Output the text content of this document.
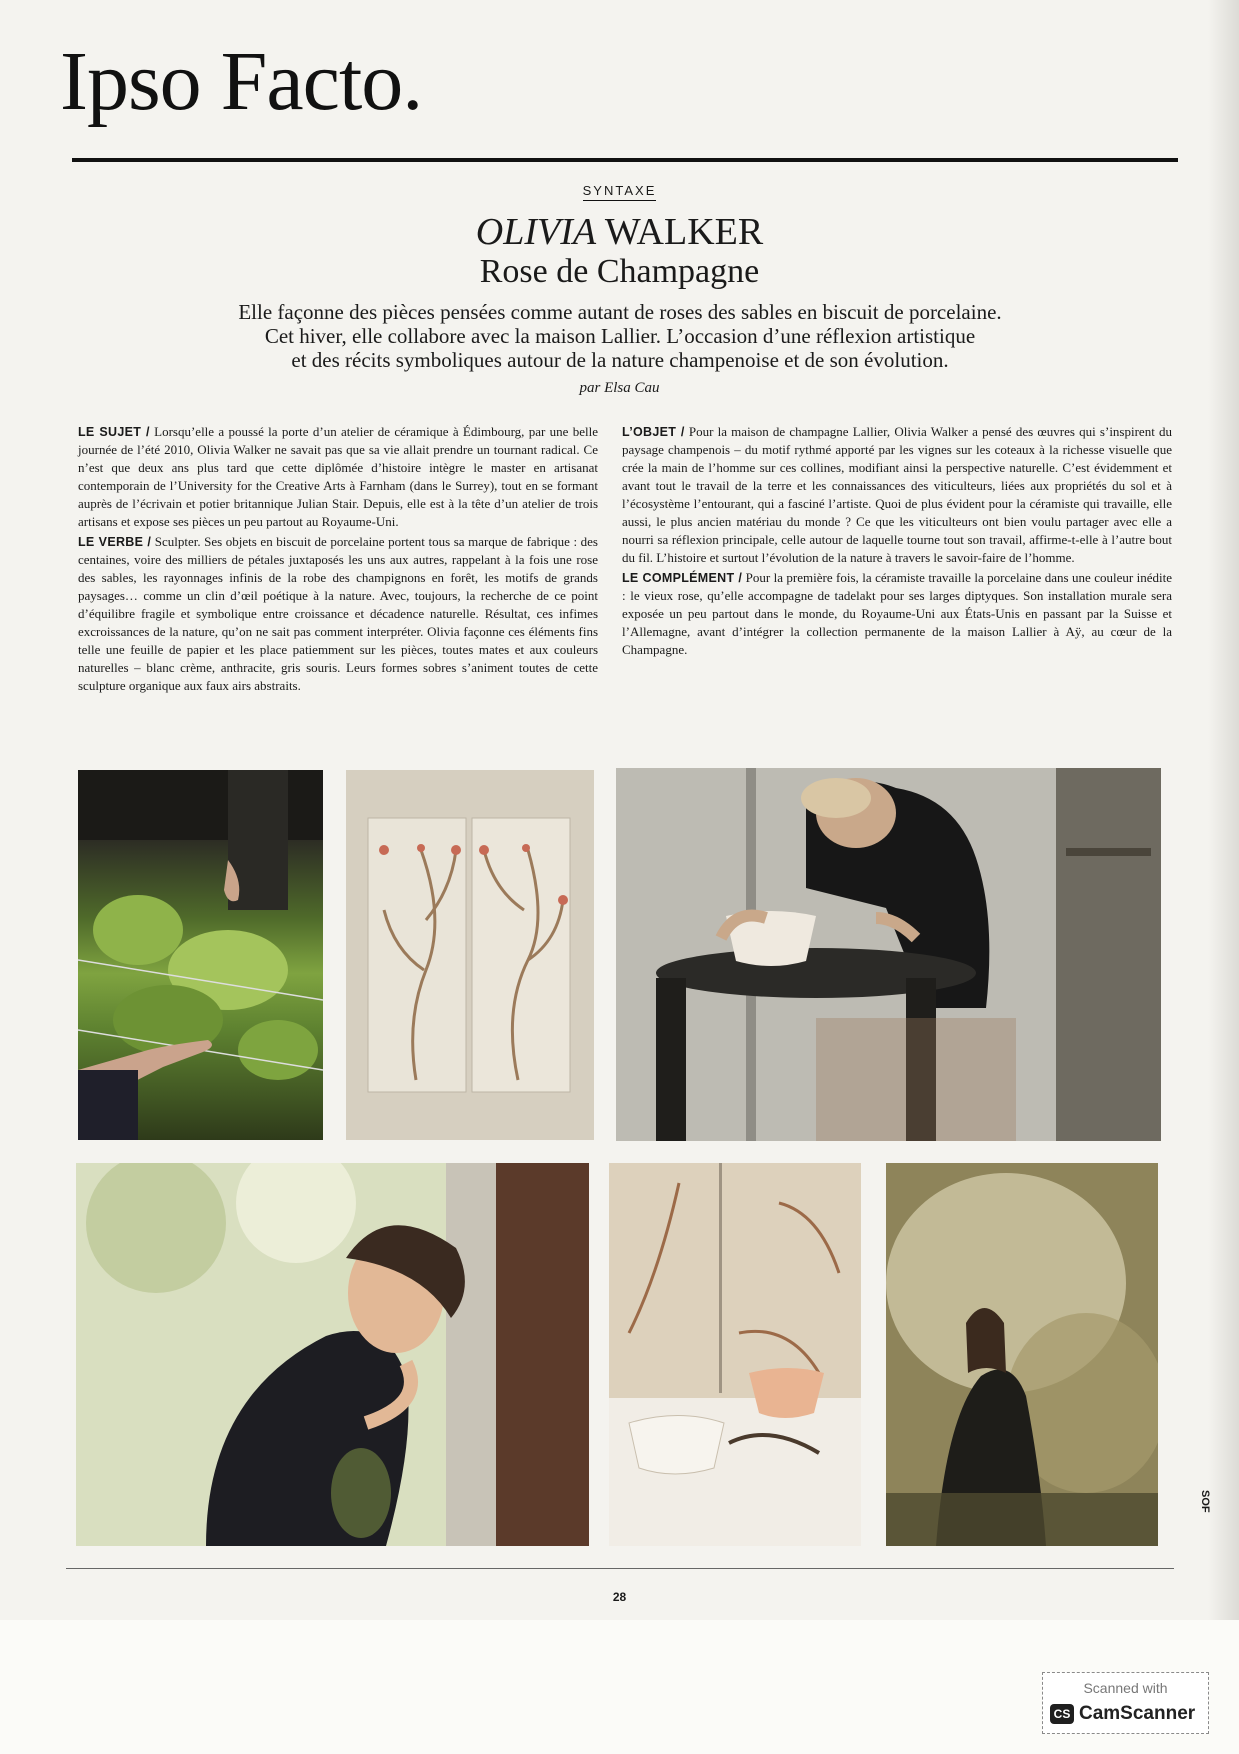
Ipso Facto.
SYNTAXE
OLIVIA WALKER
Rose de Champagne
Elle façonne des pièces pensées comme autant de roses des sables en biscuit de porcelaine.
Cet hiver, elle collabore avec la maison Lallier. L’occasion d’une réflexion artistique
et des récits symboliques autour de la nature champenoise et de son évolution.
par Elsa Cau

LE SUJET / Lorsqu’elle a poussé la porte d’un atelier de céramique à Édimbourg, par une belle journée de l’été 2010, Olivia Walker ne savait pas que sa vie allait prendre un tournant radical. Ce n’est que deux ans plus tard que cette diplômée d’histoire intègre le master en artisanat contemporain de l’University for the Creative Arts à Farnham (dans le Surrey), tout en se formant auprès de l’écrivain et potier britannique Julian Stair. Depuis, elle est à la tête d’un atelier de trois artisans et expose ses pièces un peu partout au Royaume-Uni.

LE VERBE / Sculpter. Ses objets en biscuit de porcelaine portent tous sa marque de fabrique : des centaines, voire des milliers de pétales juxtaposés les uns aux autres, rappelant à la fois une rose des sables, les rayonnages infinis de la robe des champignons en forêt, les motifs de grands paysages… comme un clin d’œil poétique à la nature. Avec, toujours, la recherche de ce point d’équilibre fragile et symbolique entre croissance et décadence naturelle. Résultat, ces infimes excroissances de la nature, qu’on ne sait pas comment interpréter. Olivia façonne ces éléments fins telle une feuille de papier et les place patiemment sur les pièces, toutes mates et aux couleurs naturelles – blanc crème, anthracite, gris souris. Leurs formes sobres s’animent toutes de cette sculpture organique aux faux airs abstraits.

L’OBJET / Pour la maison de champagne Lallier, Olivia Walker a pensé des œuvres qui s’inspirent du paysage champenois – du motif rythmé apporté par les vignes sur les coteaux à la richesse visuelle que crée la main de l’homme sur ces collines, modifiant ainsi la perspective naturelle. C’est évidemment et avant tout le travail de la terre et les connaissances des viticulteurs, liées aux propriétés du sol et à l’écosystème l’entourant, qui a fasciné l’artiste. Quoi de plus évident pour la céramiste qui travaille, elle aussi, le plus ancien matériau du monde ? Ce que les viticulteurs ont bien voulu partager avec elle a nourri sa réflexion principale, celle autour de laquelle tourne tout son travail, affirme-t-elle à l’autre bout du fil. L’histoire et surtout l’évolution de la nature à travers le savoir-faire de l’homme.

LE COMPLÉMENT / Pour la première fois, la céramiste travaille la porcelaine dans une couleur inédite : le vieux rose, qu’elle accompagne de tadelakt pour ses larges diptyques. Son installation murale sera exposée un peu partout dans le monde, du Royaume-Uni aux États-Unis en passant par la Suisse et l’Allemagne, avant d’intégrer la collection permanente de la maison Lallier à Aÿ, au cœur de la Champagne.

28
SOF
Scanned with
CS CamScanner
